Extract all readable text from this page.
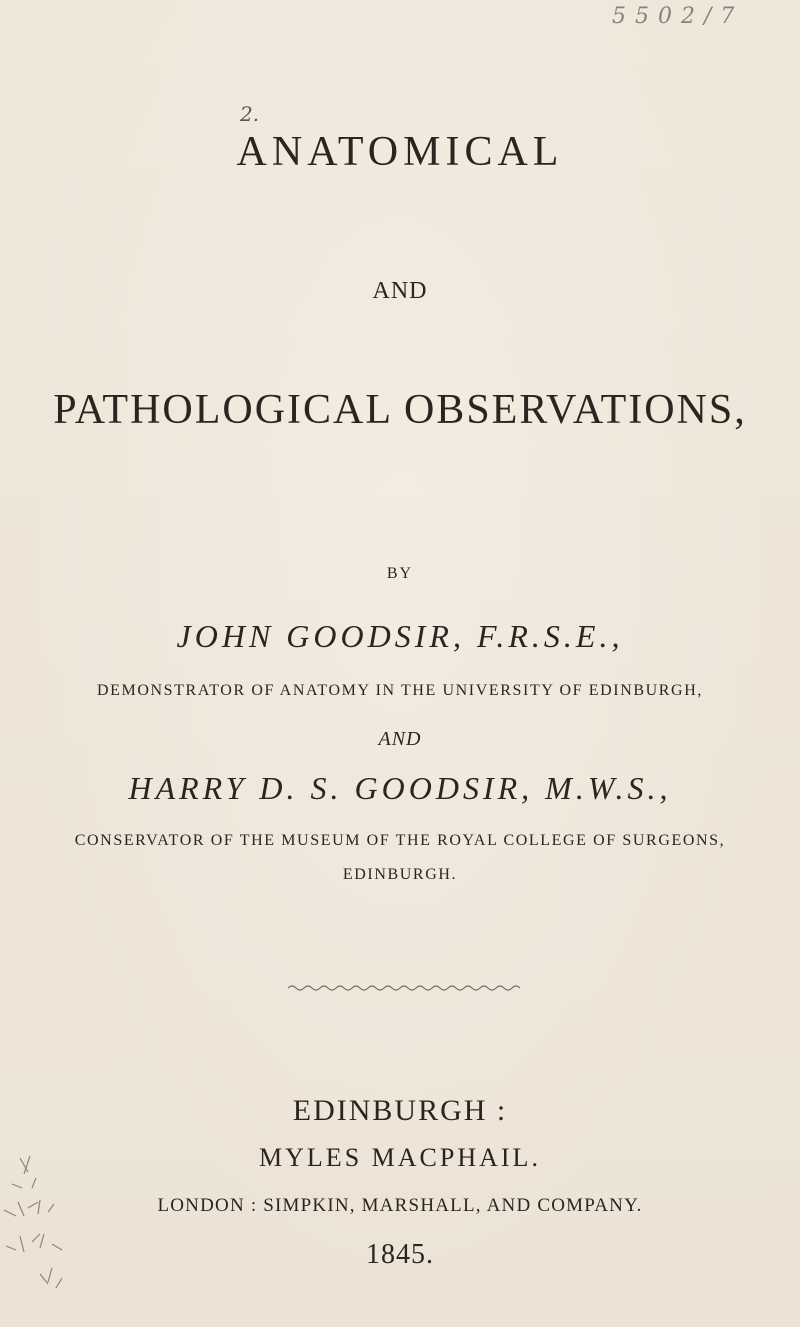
5 5 0 2 / 7
2.
ANATOMICAL
AND
PATHOLOGICAL OBSERVATIONS,
BY
JOHN GOODSIR, F.R.S.E.,
DEMONSTRATOR OF ANATOMY IN THE UNIVERSITY OF EDINBURGH,
AND
HARRY D. S. GOODSIR, M.W.S.,
CONSERVATOR OF THE MUSEUM OF THE ROYAL COLLEGE OF SURGEONS,
EDINBURGH.
EDINBURGH :
MYLES MACPHAIL.
LONDON : SIMPKIN, MARSHALL, AND COMPANY.
1845.
